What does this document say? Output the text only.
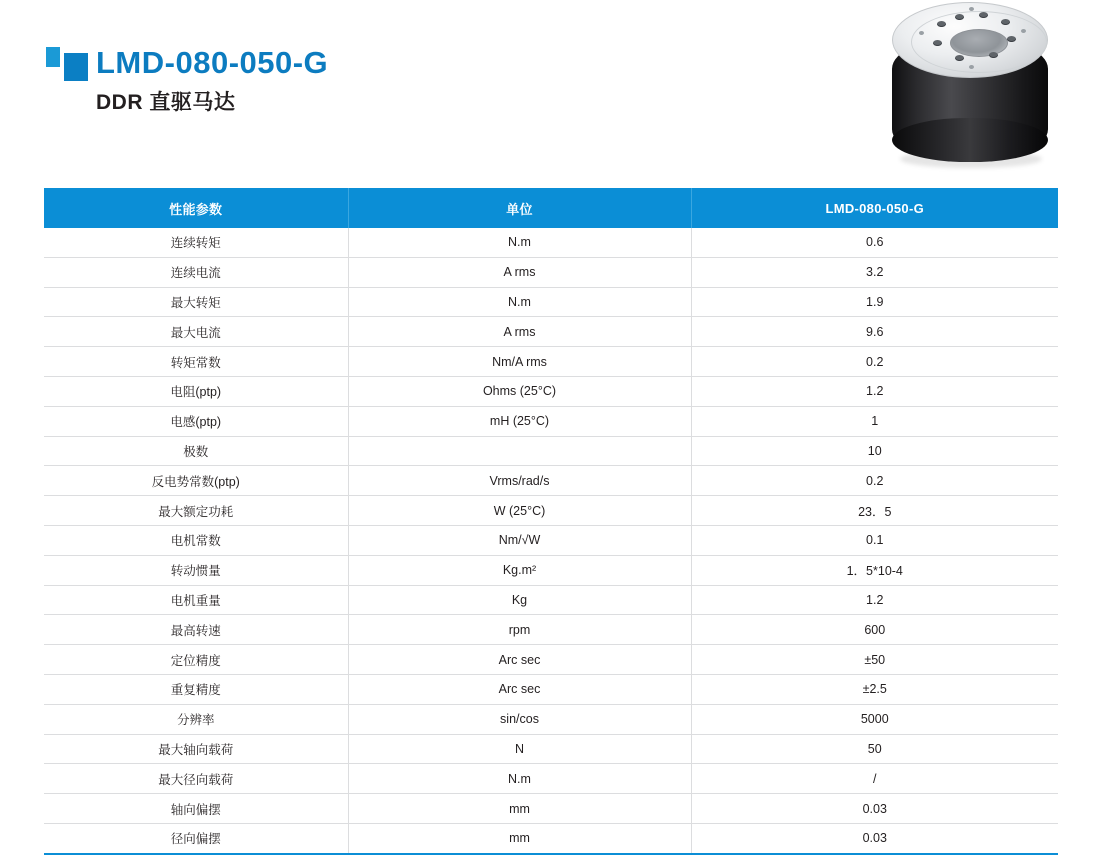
LMD-080-050-G
DDR 直驱马达
性能参数	单位	LMD-080-050-G
连续转矩	N.m	0.6
连续电流	A rms	3.2
最大转矩	N.m	1.9
最大电流	A rms	9.6
转矩常数	Nm/A rms	0.2
电阻(ptp)	Ohms (25°C)	1.2
电感(ptp)	mH (25°C)	1
极数		10
反电势常数(ptp)	Vrms/rad/s	0.2
最大额定功耗	W (25°C)	23．5
电机常数	Nm/√W	0.1
转动惯量	Kg.m²	1．5*10-4
电机重量	Kg	1.2
最高转速	rpm	600
定位精度	Arc sec	±50
重复精度	Arc sec	±2.5
分辨率	sin/cos	5000
最大轴向载荷	N	50
最大径向载荷	N.m	/
轴向偏摆	mm	0.03
径向偏摆	mm	0.03
